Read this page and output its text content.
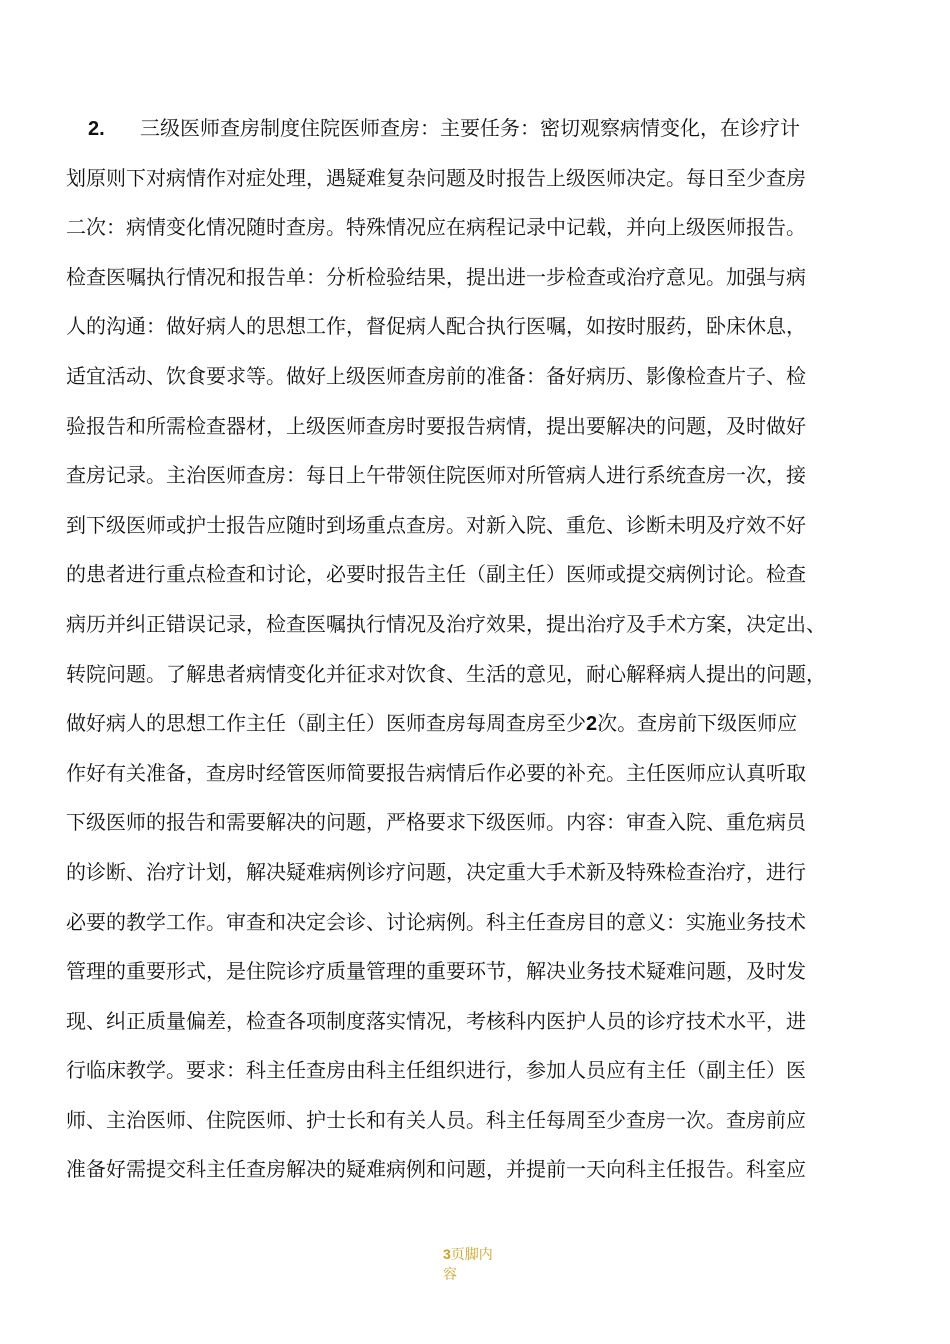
2. 三级医师查房制度住院医师查房：主要任务：密切观察病情变化，在诊疗计
划原则下对病情作对症处理，遇疑难复杂问题及时报告上级医师决定。每日至少查房
二次：病情变化情况随时查房。特殊情况应在病程记录中记载，并向上级医师报告。
检查医嘱执行情况和报告单：分析检验结果，提出进一步检查或治疗意见。加强与病
人的沟通：做好病人的思想工作，督促病人配合执行医嘱，如按时服药，卧床休息，
适宜活动、饮食要求等。做好上级医师查房前的准备：备好病历、影像检查片子、检
验报告和所需检查器材，上级医师查房时要报告病情，提出要解决的问题，及时做好
查房记录。主治医师查房：每日上午带领住院医师对所管病人进行系统查房一次，接
到下级医师或护士报告应随时到场重点查房。对新入院、重危、诊断未明及疗效不好
的患者进行重点检查和讨论，必要时报告主任（副主任）医师或提交病例讨论。检查
病历并纠正错误记录，检查医嘱执行情况及治疗效果，提出治疗及手术方案，决定出、
转院问题。了解患者病情变化并征求对饮食、生活的意见，耐心解释病人提出的问题，
做好病人的思想工作主任（副主任）医师查房每周查房至少2次。查房前下级医师应
作好有关准备，查房时经管医师简要报告病情后作必要的补充。主任医师应认真听取
下级医师的报告和需要解决的问题，严格要求下级医师。内容：审查入院、重危病员
的诊断、治疗计划，解决疑难病例诊疗问题，决定重大手术新及特殊检查治疗，进行
必要的教学工作。审查和决定会诊、讨论病例。科主任查房目的意义：实施业务技术
管理的重要形式，是住院诊疗质量管理的重要环节，解决业务技术疑难问题，及时发
现、纠正质量偏差，检查各项制度落实情况，考核科内医护人员的诊疗技术水平，进
行临床教学。要求：科主任查房由科主任组织进行，参加人员应有主任（副主任）医
师、主治医师、住院医师、护士长和有关人员。科主任每周至少查房一次。查房前应
准备好需提交科主任查房解决的疑难病例和问题，并提前一天向科主任报告。科室应
3页脚内
容
